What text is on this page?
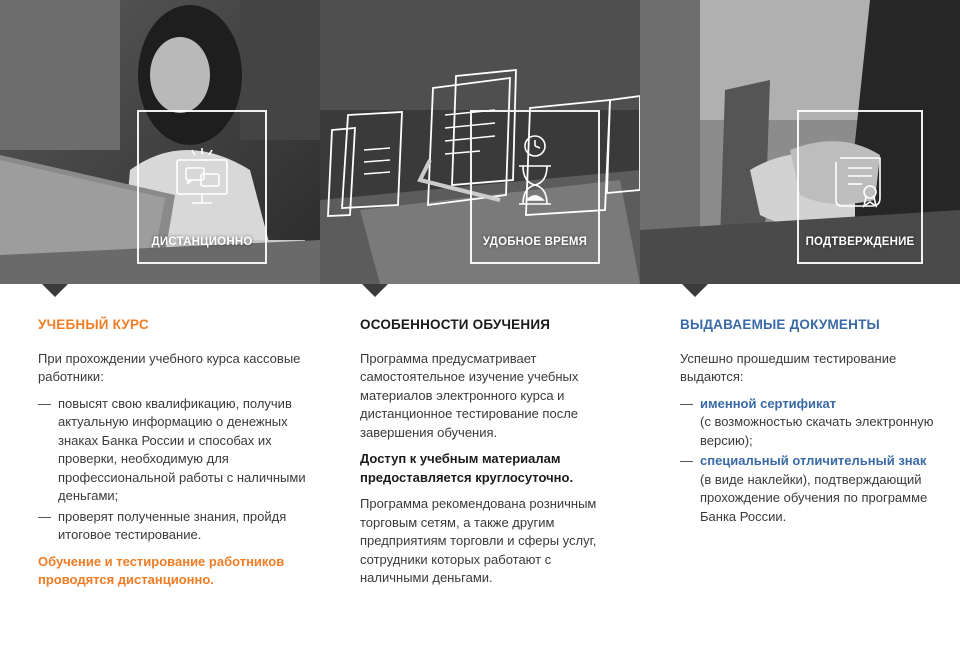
ДИСТАНЦИОННО	УДОБНОЕ ВРЕМЯ	ПОДТВЕРЖДЕНИЕ
УЧЕБНЫЙ КУРС

При прохождении учебного курса кассовые работники:

— повысят свою квалификацию, получив актуальную информацию о денежных знаках Банка России и способах их проверки, необходимую для профессиональной работы с наличными деньгами;
— проверят полученные знания, пройдя итоговое тестирование.

Обучение и тестирование работников проводятся дистанционно.

ОСОБЕННОСТИ ОБУЧЕНИЯ

Программа предусматривает самостоятельное изучение учебных материалов электронного курса и дистанционное тестирование после завершения обучения.

Доступ к учебным материалам предоставляется круглосуточно.

Программа рекомендована розничным торговым сетям, а также другим предприятиям торговли и сферы услуг, сотрудники которых работают с наличными деньгами.

ВЫДАВАЕМЫЕ ДОКУМЕНТЫ

Успешно прошедшим тестирование выдаются:

— именной сертификат
(с возможностью скачать электронную версию);
— специальный отличительный знак
(в виде наклейки), подтверждающий прохождение обучения по программе Банка России.
